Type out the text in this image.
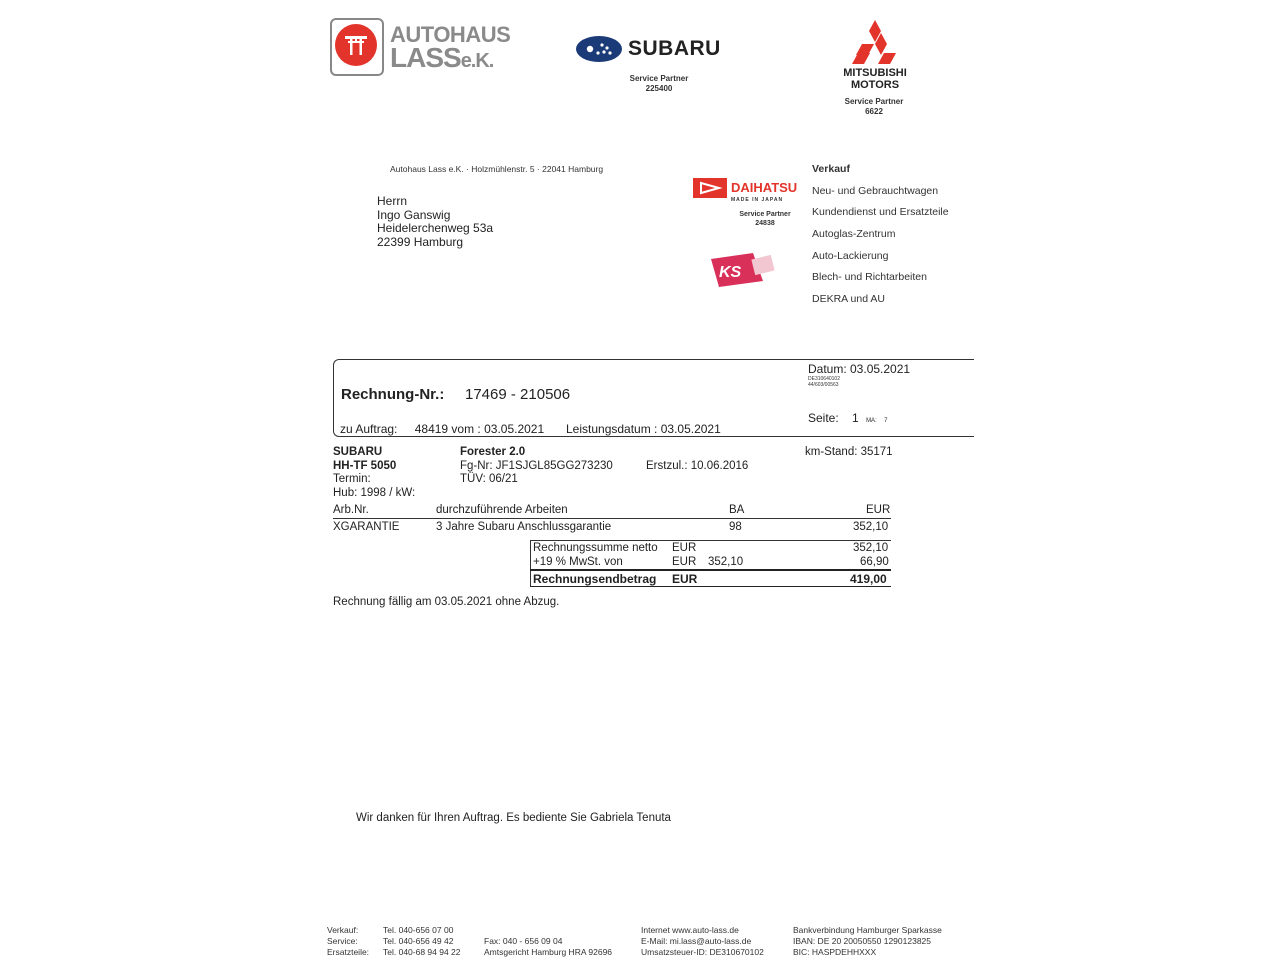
AUTOHAUS
LASSe.K.
SUBARU
Service Partner
225400
MITSUBISHI
MOTORS
Service Partner
6622
DAIHATSU
MADE IN JAPAN
Service Partner
24838
KS
Autohaus Lass e.K. · Holzmühlenstr. 5 · 22041 Hamburg
Herrn
Ingo Ganswig
Heidelerchenweg 53a
22399 Hamburg
Verkauf
Neu- und Gebrauchtwagen
Kundendienst und Ersatzteile
Autoglas-Zentrum
Auto-Lackierung
Blech- und Richtarbeiten
DEKRA und AU
Rechnung-Nr.: 17469 - 210506
Datum: 03.05.2021
DE310640102
44/603/00563
Seite: 1 MA: 7
zu Auftrag: 48419 vom : 03.05.2021 Leistungsdatum : 03.05.2021
SUBARU
HH-TF 5050
Termin:
Hub: 1998 / kW:
Forester 2.0
Fg-Nr: JF1SJGL85GG273230
TÜV: 06/21
Erstzul.: 10.06.2016
km-Stand: 35171
Arb.Nr.	durchzuführende Arbeiten	BA	EUR
XGARANTIE	3 Jahre Subaru Anschlussgarantie	98	352,10
Rechnungssumme netto EUR	352,10
+19 % MwSt. von	EUR 352,10	66,90
Rechnungsendbetrag EUR	419,00
Rechnung fällig am 03.05.2021 ohne Abzug.
Wir danken für Ihren Auftrag. Es bediente Sie Gabriela Tenuta
Verkauf:
Service:
Ersatzteile:
Tel. 040-656 07 00
Tel. 040-656 49 42
Tel. 040-68 94 94 22
Fax: 040 - 656 09 04
Amtsgericht Hamburg HRA 92696
Internet www.auto-lass.de
E-Mail: mi.lass@auto-lass.de
Umsatzsteuer-ID: DE310670102
Bankverbindung Hamburger Sparkasse
IBAN: DE 20 20050550 1290123825
BIC: HASPDEHHXXX
